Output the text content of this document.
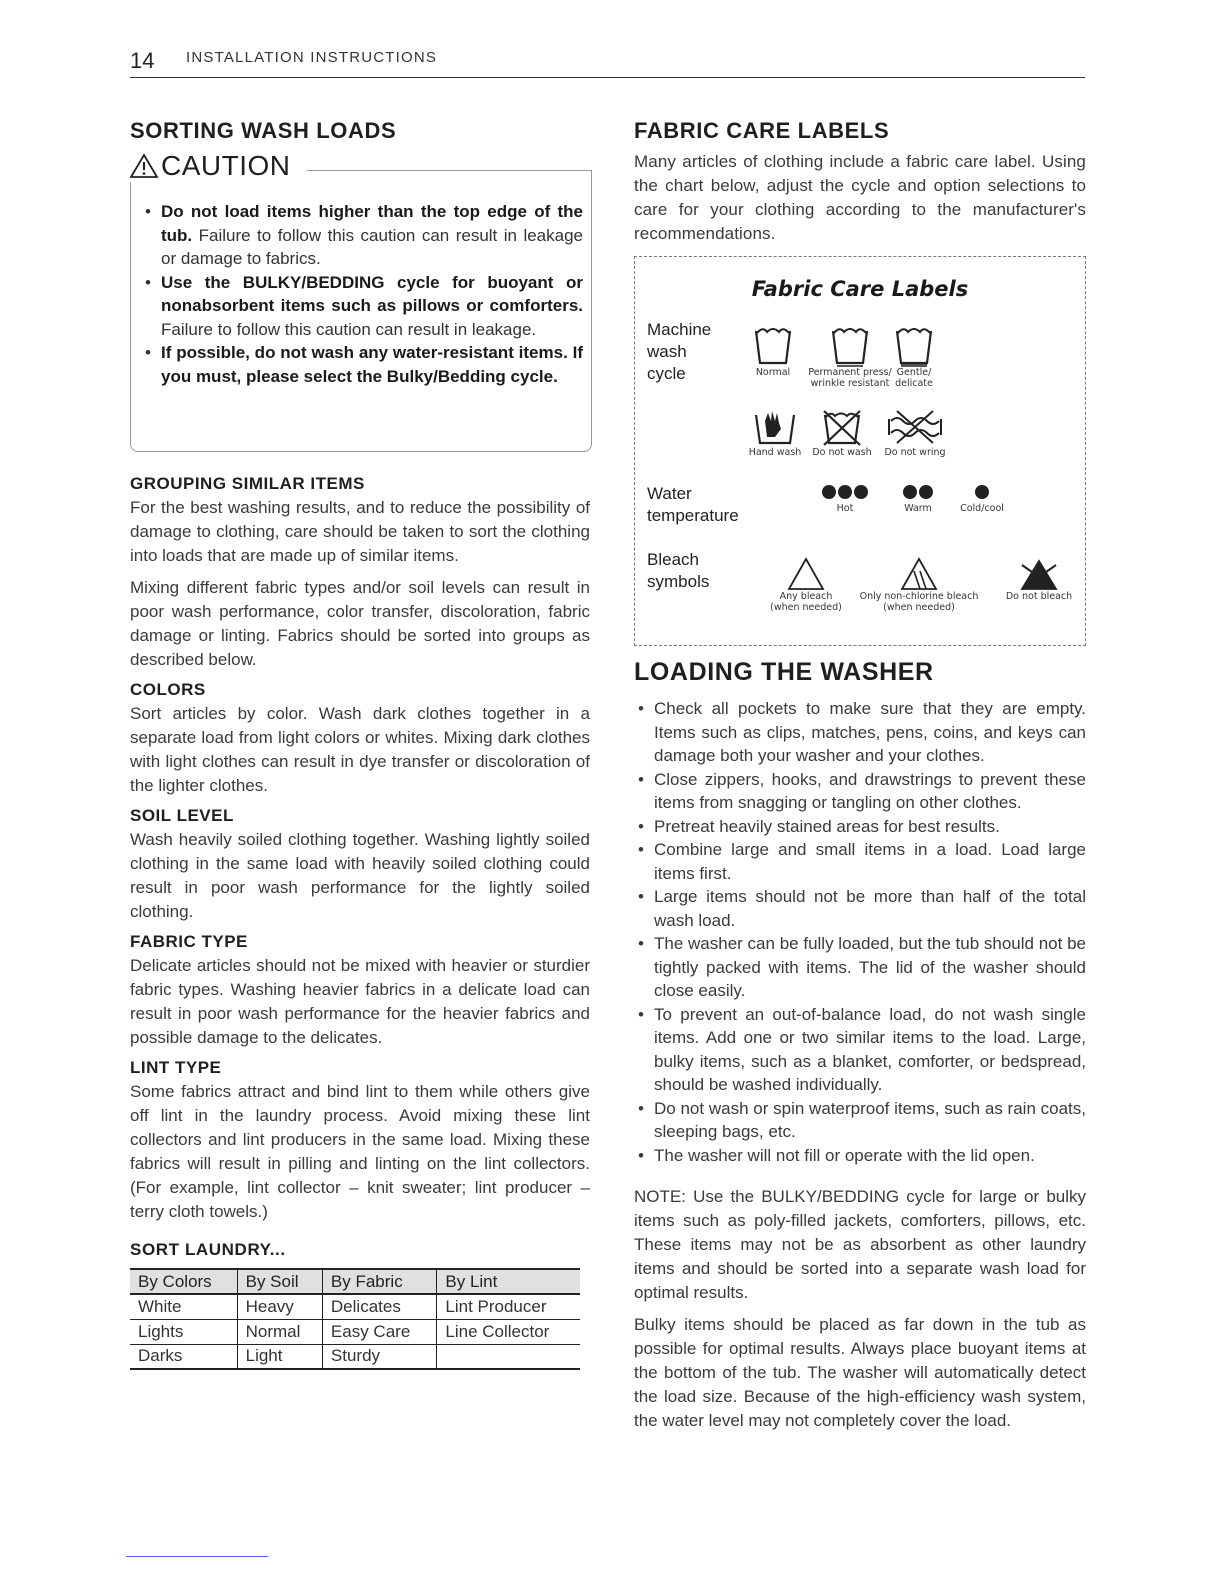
14 INSTALLATION INSTRUCTIONS
SORTING WASH LOADS
CAUTION
• Do not load items higher than the top edge of the tub. Failure to follow this caution can result in leakage or damage to fabrics.
• Use the BULKY/BEDDING cycle for buoyant or nonabsorbent items such as pillows or comforters. Failure to follow this caution can result in leakage.
• If possible, do not wash any water-resistant items. If you must, please select the Bulky/Bedding cycle.
GROUPING SIMILAR ITEMS

For the best washing results, and to reduce the possibility of damage to clothing, care should be taken to sort the clothing into loads that are made up of similar items.

Mixing different fabric types and/or soil levels can result in poor wash performance, color transfer, discoloration, fabric damage or linting. Fabrics should be sorted into groups as described below.

COLORS

Sort articles by color. Wash dark clothes together in a separate load from light colors or whites. Mixing dark clothes with light clothes can result in dye transfer or discoloration of the lighter clothes.

SOIL LEVEL

Wash heavily soiled clothing together. Washing lightly soiled clothing in the same load with heavily soiled clothing could result in poor wash performance for the lightly soiled clothing.

FABRIC TYPE

Delicate articles should not be mixed with heavier or sturdier fabric types. Washing heavier fabrics in a delicate load can result in poor wash performance for the heavier fabrics and possible damage to the delicates.

LINT TYPE

Some fabrics attract and bind lint to them while others give off lint in the laundry process. Avoid mixing these lint collectors and lint producers in the same load. Mixing these fabrics will result in pilling and linting on the lint collectors. (For example, lint collector – knit sweater; lint producer – terry cloth towels.)

SORT LAUNDRY...
By Colors	By Soil	By Fabric	By Lint
White	Heavy	Delicates	Lint Producer
Lights	Normal	Easy Care	Line Collector
Darks	Light	Sturdy	
FABRIC CARE LABELS

Many articles of clothing include a fabric care label. Using the chart below, adjust the cycle and option selections to care for your clothing according to the manufacturer's recommendations.

Fabric Care Labels
Machine
wash
cycle	Normal Permanent press/
wrinkle resistant
Gentle/
delicate
Hand wash Do not wash Do not wring
Water
temperature	Hot	Warm	Cold/cool
Bleach
symbols
Any bleach
(when needed)
Only non-chlorine bleach
(when needed)
Do not bleach
LOADING THE WASHER
• Check all pockets to make sure that they are empty. Items such as clips, matches, pens, coins, and keys can damage both your washer and your clothes.
• Close zippers, hooks, and drawstrings to prevent these items from snagging or tangling on other clothes.
• Pretreat heavily stained areas for best results.
• Combine large and small items in a load. Load large items first.
• Large items should not be more than half of the total wash load.
• The washer can be fully loaded, but the tub should not be tightly packed with items. The lid of the washer should close easily.
• To prevent an out-of-balance load, do not wash single items. Add one or two similar items to the load. Large, bulky items, such as a blanket, comforter, or bedspread, should be washed individually.
• Do not wash or spin waterproof items, such as rain coats, sleeping bags, etc.
• The washer will not fill or operate with the lid open.

NOTE: Use the BULKY/BEDDING cycle for large or bulky items such as poly-filled jackets, comforters, pillows, etc. These items may not be as absorbent as other laundry items and should be sorted into a separate wash load for optimal results.

Bulky items should be placed as far down in the tub as possible for optimal results. Always place buoyant items at the bottom of the tub. The washer will automatically detect the load size. Because of the high-efficiency wash system, the water level may not completely cover the load.
